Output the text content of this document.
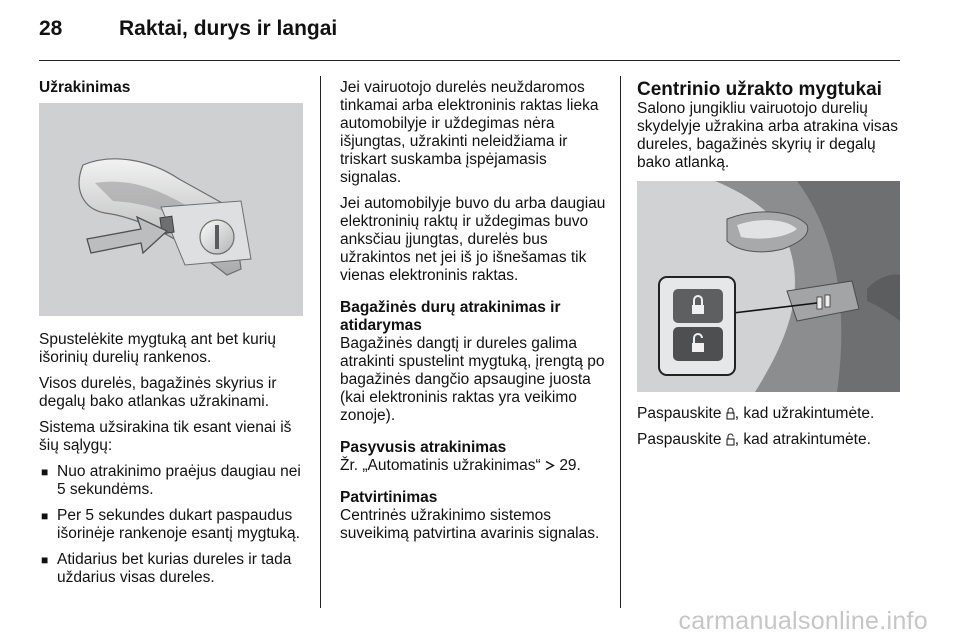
28	Raktai, durys ir langai
Užrakinimas

Spustelėkite mygtuką ant bet kurių išorinių durelių rankenos.

Visos durelės, bagažinės skyrius ir degalų bako atlankas užrakinami.

Sistema užsirakina tik esant vienai iš šių sąlygų:

■ Nuo atrakinimo praėjus daugiau nei 5 sekundėms.
■ Per 5 sekundes dukart paspaudus išorinėje rankenoje esantį mygtuką.
■ Atidarius bet kurias dureles ir tada uždarius visas dureles.

Jei vairuotojo durelės neuždaromos tinkamai arba elektroninis raktas lieka automobilyje ir uždegimas nėra išjungtas, užrakinti neleidžiama ir triskart suskamba įspėjamasis signalas.

Jei automobilyje buvo du arba daugiau elektroninių raktų ir uždegimas buvo anksčiau įjungtas, durelės bus užrakintos net jei iš jo išnešamas tik vienas elektroninis raktas.

Bagažinės durų atrakinimas ir atidarymas

Bagažinės dangtį ir dureles galima atrakinti spustelint mygtuką, įrengtą po bagažinės dangčio apsaugine juosta (kai elektroninis raktas yra veikimo zonoje).

Pasyvusis atrakinimas

Žr. „Automatinis užrakinimas“  29.

Patvirtinimas

Centrinės užrakinimo sistemos suveikimą patvirtina avarinis signalas.

Centrinio užrakto mygtukai

Salono jungikliu vairuotojo durelių skydelyje užrakina arba atrakina visas dureles, bagažinės skyrių ir degalų bako atlanką.

Paspauskite , kad užrakintumėte.

Paspauskite , kad atrakintumėte.

carmanualsonline.info
